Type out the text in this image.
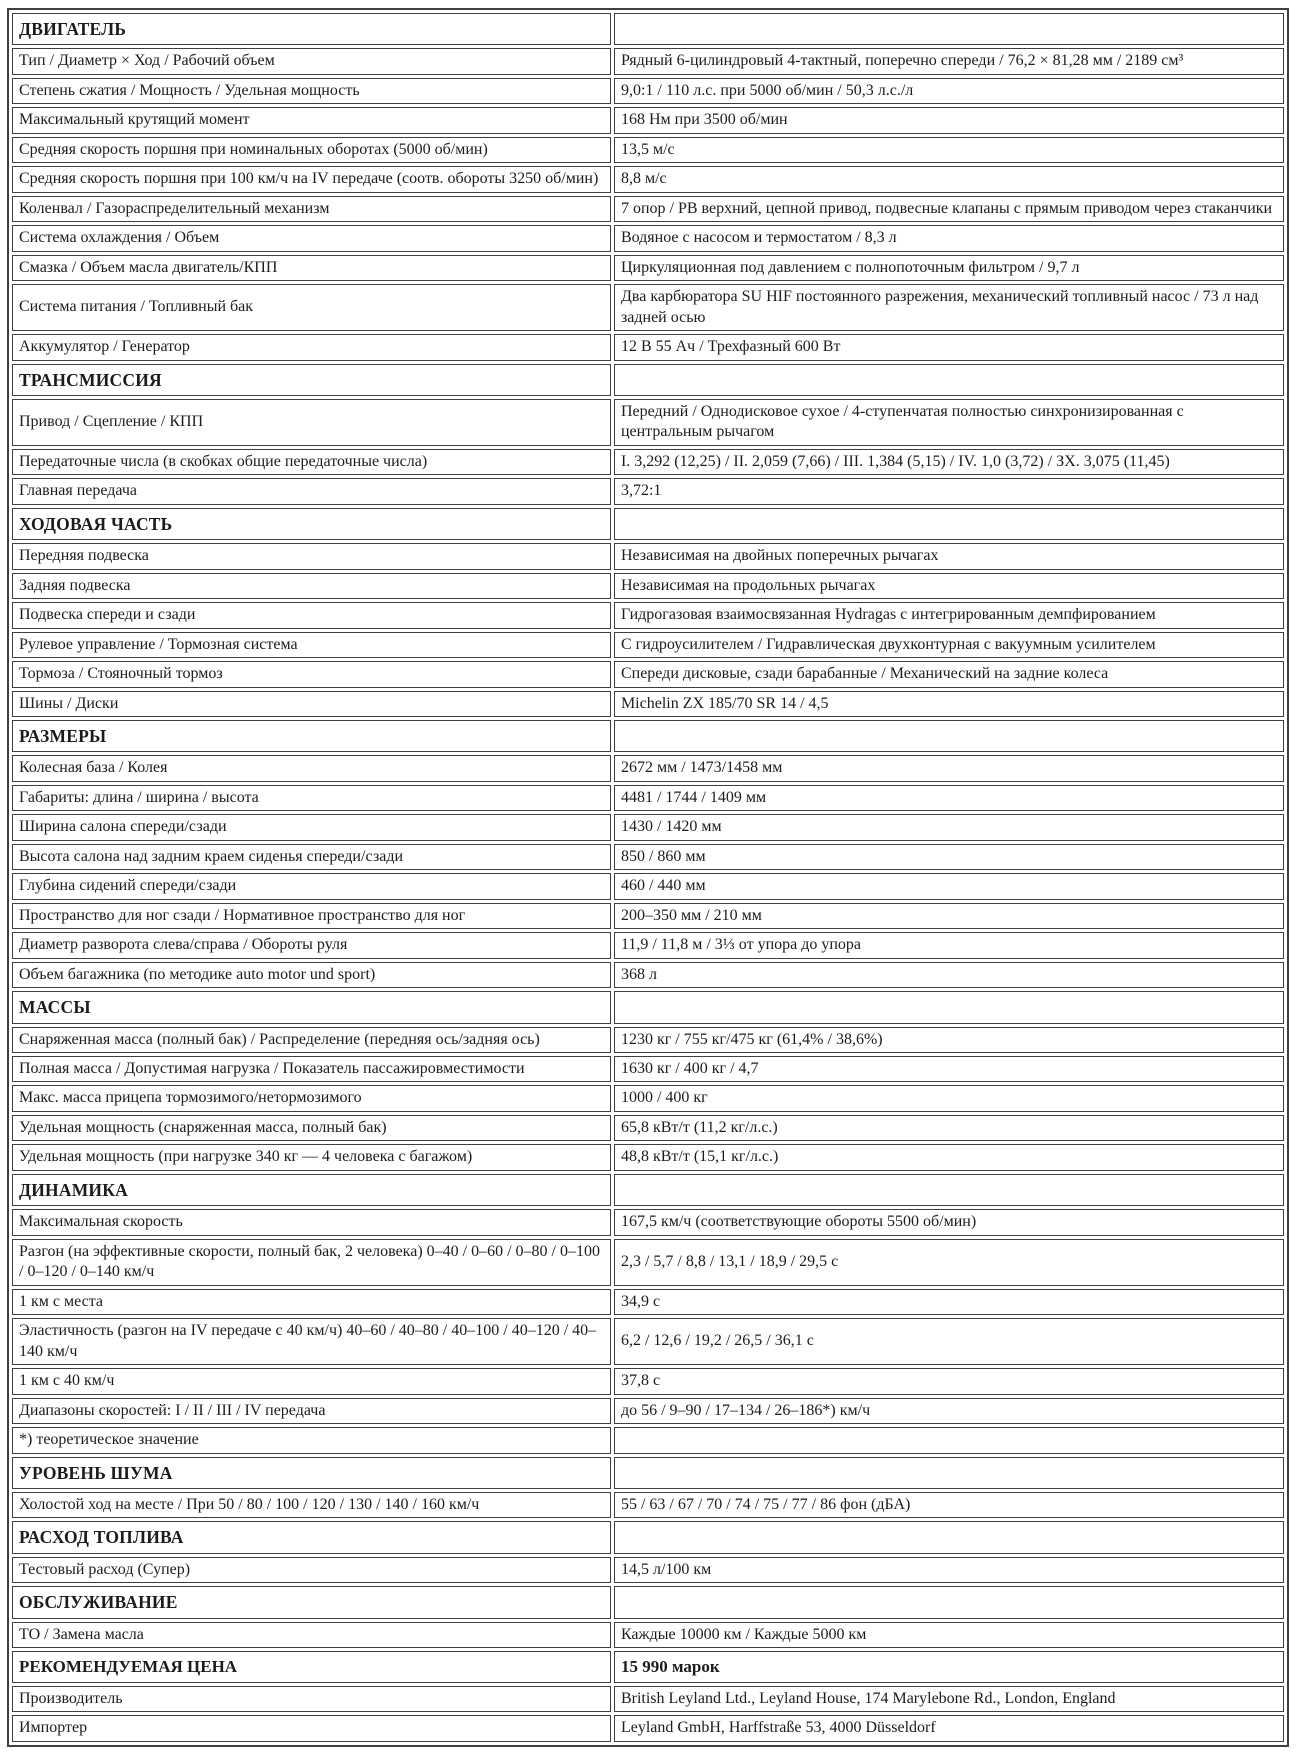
ДВИГАТЕЛЬ	
Тип / Диаметр × Ход / Рабочий объем	Рядный 6-цилиндровый 4-тактный, поперечно спереди / 76,2 × 81,28 мм / 2189 см³
Степень сжатия / Мощность / Удельная мощность	9,0:1 / 110 л.с. при 5000 об/мин / 50,3 л.с./л
Максимальный крутящий момент	168 Нм при 3500 об/мин
Средняя скорость поршня при номинальных оборотах (5000 об/мин)	13,5 м/с
Средняя скорость поршня при 100 км/ч на IV передаче (соотв. обороты 3250 об/мин)	8,8 м/с
Коленвал / Газораспределительный механизм	7 опор / РВ верхний, цепной привод, подвесные клапаны с прямым приводом через стаканчики
Система охлаждения / Объем	Водяное с насосом и термостатом / 8,3 л
Смазка / Объем масла двигатель/КПП	Циркуляционная под давлением с полнопоточным фильтром / 9,7 л
Система питания / Топливный бак	Два карбюратора SU HIF постоянного разрежения, механический топливный насос / 73 л над задней осью
Аккумулятор / Генератор	12 В 55 Ач / Трехфазный 600 Вт
ТРАНСМИССИЯ	
Привод / Сцепление / КПП	Передний / Однодисковое сухое / 4-ступенчатая полностью синхронизированная с центральным рычагом
Передаточные числа (в скобках общие передаточные числа)	I. 3,292 (12,25) / II. 2,059 (7,66) / III. 1,384 (5,15) / IV. 1,0 (3,72) / ЗХ. 3,075 (11,45)
Главная передача	3,72:1
ХОДОВАЯ ЧАСТЬ	
Передняя подвеска	Независимая на двойных поперечных рычагах
Задняя подвеска	Независимая на продольных рычагах
Подвеска спереди и сзади	Гидрогазовая взаимосвязанная Hydragas с интегрированным демпфированием
Рулевое управление / Тормозная система	С гидроусилителем / Гидравлическая двухконтурная с вакуумным усилителем
Тормоза / Стояночный тормоз	Спереди дисковые, сзади барабанные / Механический на задние колеса
Шины / Диски	Michelin ZX 185/70 SR 14 / 4,5
РАЗМЕРЫ	
Колесная база / Колея	2672 мм / 1473/1458 мм
Габариты: длина / ширина / высота	4481 / 1744 / 1409 мм
Ширина салона спереди/сзади	1430 / 1420 мм
Высота салона над задним краем сиденья спереди/сзади	850 / 860 мм
Глубина сидений спереди/сзади	460 / 440 мм
Пространство для ног сзади / Нормативное пространство для ног	200–350 мм / 210 мм
Диаметр разворота слева/справа / Обороты руля	11,9 / 11,8 м / 3⅓ от упора до упора
Объем багажника (по методике auto motor und sport)	368 л
МАССЫ	
Снаряженная масса (полный бак) / Распределение (передняя ось/задняя ось)	1230 кг / 755 кг/475 кг (61,4% / 38,6%)
Полная масса / Допустимая нагрузка / Показатель пассажировместимости	1630 кг / 400 кг / 4,7
Макс. масса прицепа тормозимого/нетормозимого	1000 / 400 кг
Удельная мощность (снаряженная масса, полный бак)	65,8 кВт/т (11,2 кг/л.с.)
Удельная мощность (при нагрузке 340 кг — 4 человека с багажом)	48,8 кВт/т (15,1 кг/л.с.)
ДИНАМИКА	
Максимальная скорость	167,5 км/ч (соответствующие обороты 5500 об/мин)
Разгон (на эффективные скорости, полный бак, 2 человека) 0–40 / 0–60 / 0–80 / 0–100 / 0–120 / 0–140 км/ч	2,3 / 5,7 / 8,8 / 13,1 / 18,9 / 29,5 с
1 км с места	34,9 с
Эластичность (разгон на IV передаче с 40 км/ч) 40–60 / 40–80 / 40–100 / 40–120 / 40–140 км/ч	6,2 / 12,6 / 19,2 / 26,5 / 36,1 с
1 км с 40 км/ч	37,8 с
Диапазоны скоростей: I / II / III / IV передача	до 56 / 9–90 / 17–134 / 26–186*) км/ч
*) теоретическое значение	
УРОВЕНЬ ШУМА	
Холостой ход на месте / При 50 / 80 / 100 / 120 / 130 / 140 / 160 км/ч	55 / 63 / 67 / 70 / 74 / 75 / 77 / 86 фон (дБА)
РАСХОД ТОПЛИВА	
Тестовый расход (Супер)	14,5 л/100 км
ОБСЛУЖИВАНИЕ	
ТО / Замена масла	Каждые 10000 км / Каждые 5000 км
РЕКОМЕНДУЕМАЯ ЦЕНА	15 990 марок
Производитель	British Leyland Ltd., Leyland House, 174 Marylebone Rd., London, England
Импортер	Leyland GmbH, Harffstraße 53, 4000 Düsseldorf
